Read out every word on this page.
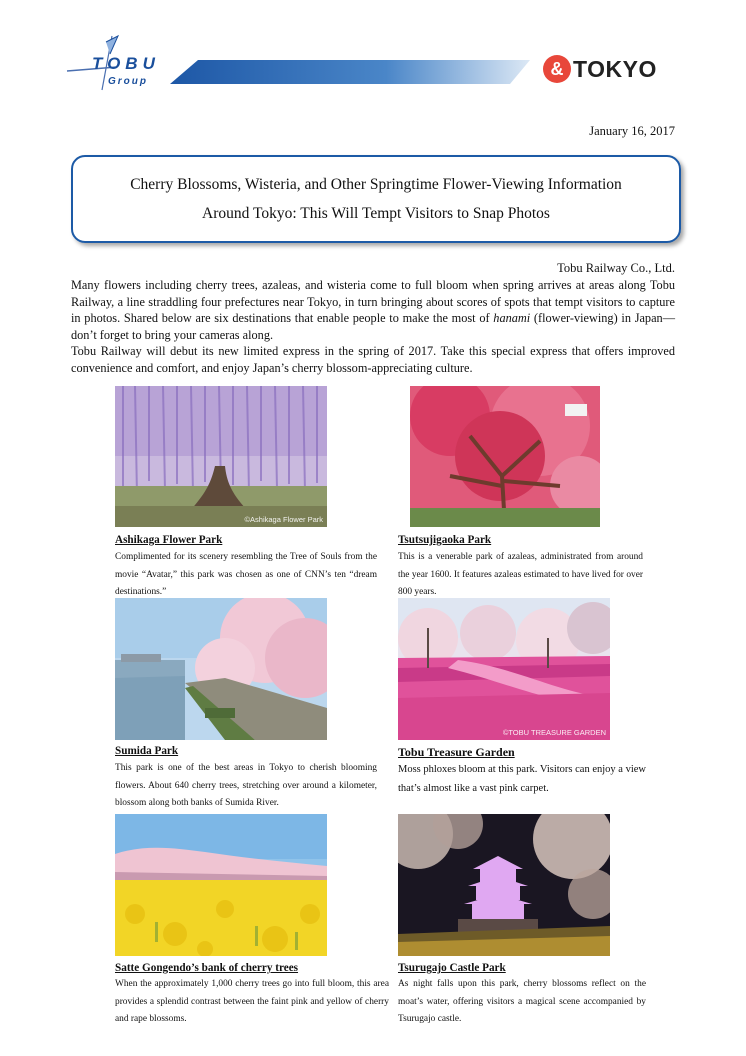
TOBU
Group
& TOKYO
January 16, 2017
Cherry Blossoms, Wisteria, and Other Springtime Flower-Viewing Information
Around Tokyo: This Will Tempt Visitors to Snap Photos
Tobu Railway Co., Ltd.

Many flowers including cherry trees, azaleas, and wisteria come to full bloom when spring arrives at areas along Tobu Railway, a line straddling four prefectures near Tokyo, in turn bringing about scores of spots that tempt visitors to capture in photos. Shared below are six destinations that enable people to make the most of hanami (flower-viewing) in Japan—don’t forget to bring your cameras along.

Tobu Railway will debut its new limited express in the spring of 2017. Take this special express that offers improved convenience and comfort, and enjoy Japan’s cherry blossom-appreciating culture.

©Ashikaga Flower Park
Ashikaga Flower Park
Complimented for its scenery resembling the Tree of Souls from the movie “Avatar,” this park was chosen as one of CNN’s ten “dream destinations.”
Tsutsujigaoka Park
This is a venerable park of azaleas, administrated from around the year 1600. It features azaleas estimated to have lived for over 800 years.
Sumida Park
This park is one of the best areas in Tokyo to cherish blooming flowers. About 640 cherry trees, stretching over around a kilometer, blossom along both banks of Sumida River.
©TOBU TREASURE GARDEN
Tobu Treasure Garden
Moss phloxes bloom at this park. Visitors can enjoy a view that’s almost like a vast pink carpet.
Satte Gongendo’s bank of cherry trees
When the approximately 1,000 cherry trees go into full bloom, this area provides a splendid contrast between the faint pink and yellow of cherry and rape blossoms.
Tsurugajo Castle Park
As night falls upon this park, cherry blossoms reflect on the moat’s water, offering visitors a magical scene accompanied by Tsurugajo castle.
